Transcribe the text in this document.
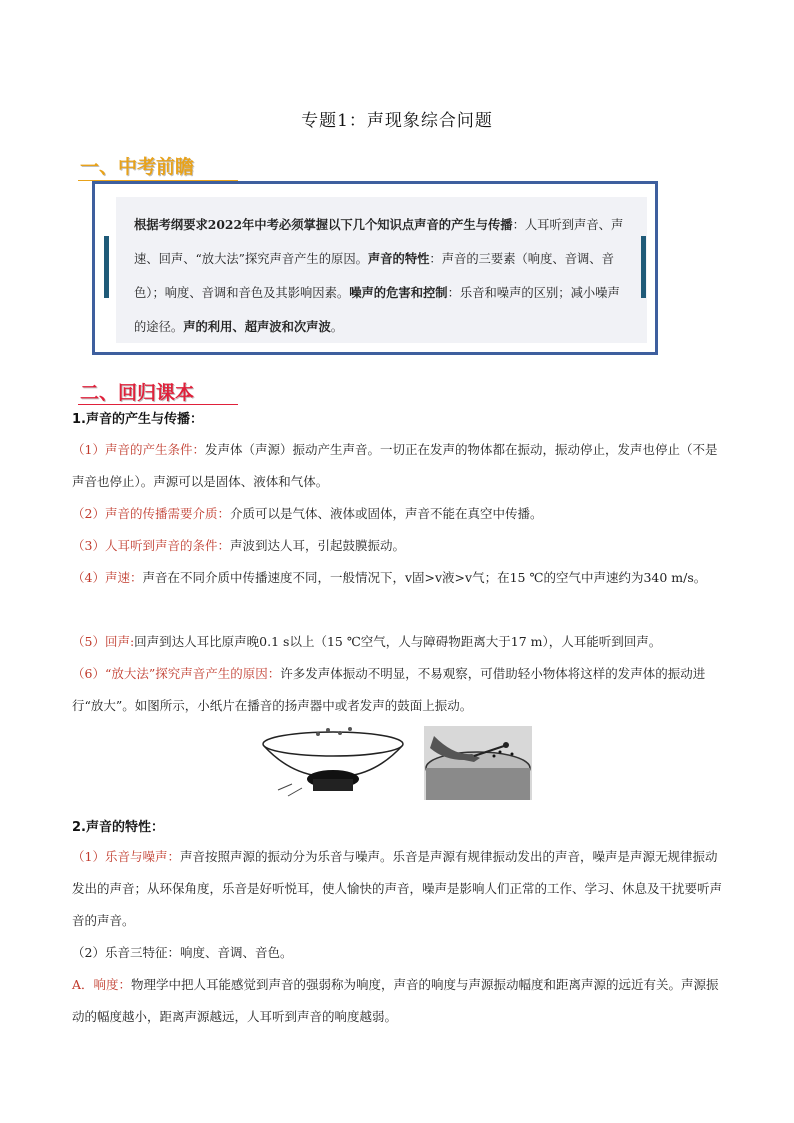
专题1：声现象综合问题
一、中考前瞻
根据考纲要求2022年中考必须掌握以下几个知识点声音的产生与传播：人耳听到声音、声速、回声、“放大法”探究声音产生的原因。声音的特性：声音的三要素（响度、音调、音色）；响度、音调和音色及其影响因素。噪声的危害和控制：乐音和噪声的区别；减小噪声的途径。声的利用、超声波和次声波。
二、回归课本
1.声音的产生与传播：
（1）声音的产生条件：发声体（声源）振动产生声音。一切正在发声的物体都在振动，振动停止，发声也停止（不是声音也停止）。声源可以是固体、液体和气体。
（2）声音的传播需要介质：介质可以是气体、液体或固体，声音不能在真空中传播。
（3）人耳听到声音的条件：声波到达人耳，引起鼓膜振动。
（4）声速：声音在不同介质中传播速度不同，一般情况下，v固>v液>v气；在15 ℃的空气中声速约为340 m/s。
（5）回声:回声到达人耳比原声晚0.1 s以上（15 ℃空气，人与障碍物距离大于17 m），人耳能听到回声。
（6）“放大法”探究声音产生的原因：许多发声体振动不明显，不易观察，可借助轻小物体将这样的发声体的振动进行“放大”。如图所示，小纸片在播音的扬声器中或者发声的鼓面上振动。
2.声音的特性：
（1）乐音与噪声：声音按照声源的振动分为乐音与噪声。乐音是声源有规律振动发出的声音，噪声是声源无规律振动发出的声音；从环保角度，乐音是好听悦耳，使人愉快的声音，噪声是影响人们正常的工作、学习、休息及干扰要听声音的声音。
（2）乐音三特征：响度、音调、音色。
A．响度：物理学中把人耳能感觉到声音的强弱称为响度，声音的响度与声源振动幅度和距离声源的远近有关。声源振动的幅度越小，距离声源越远，人耳听到声音的响度越弱。
